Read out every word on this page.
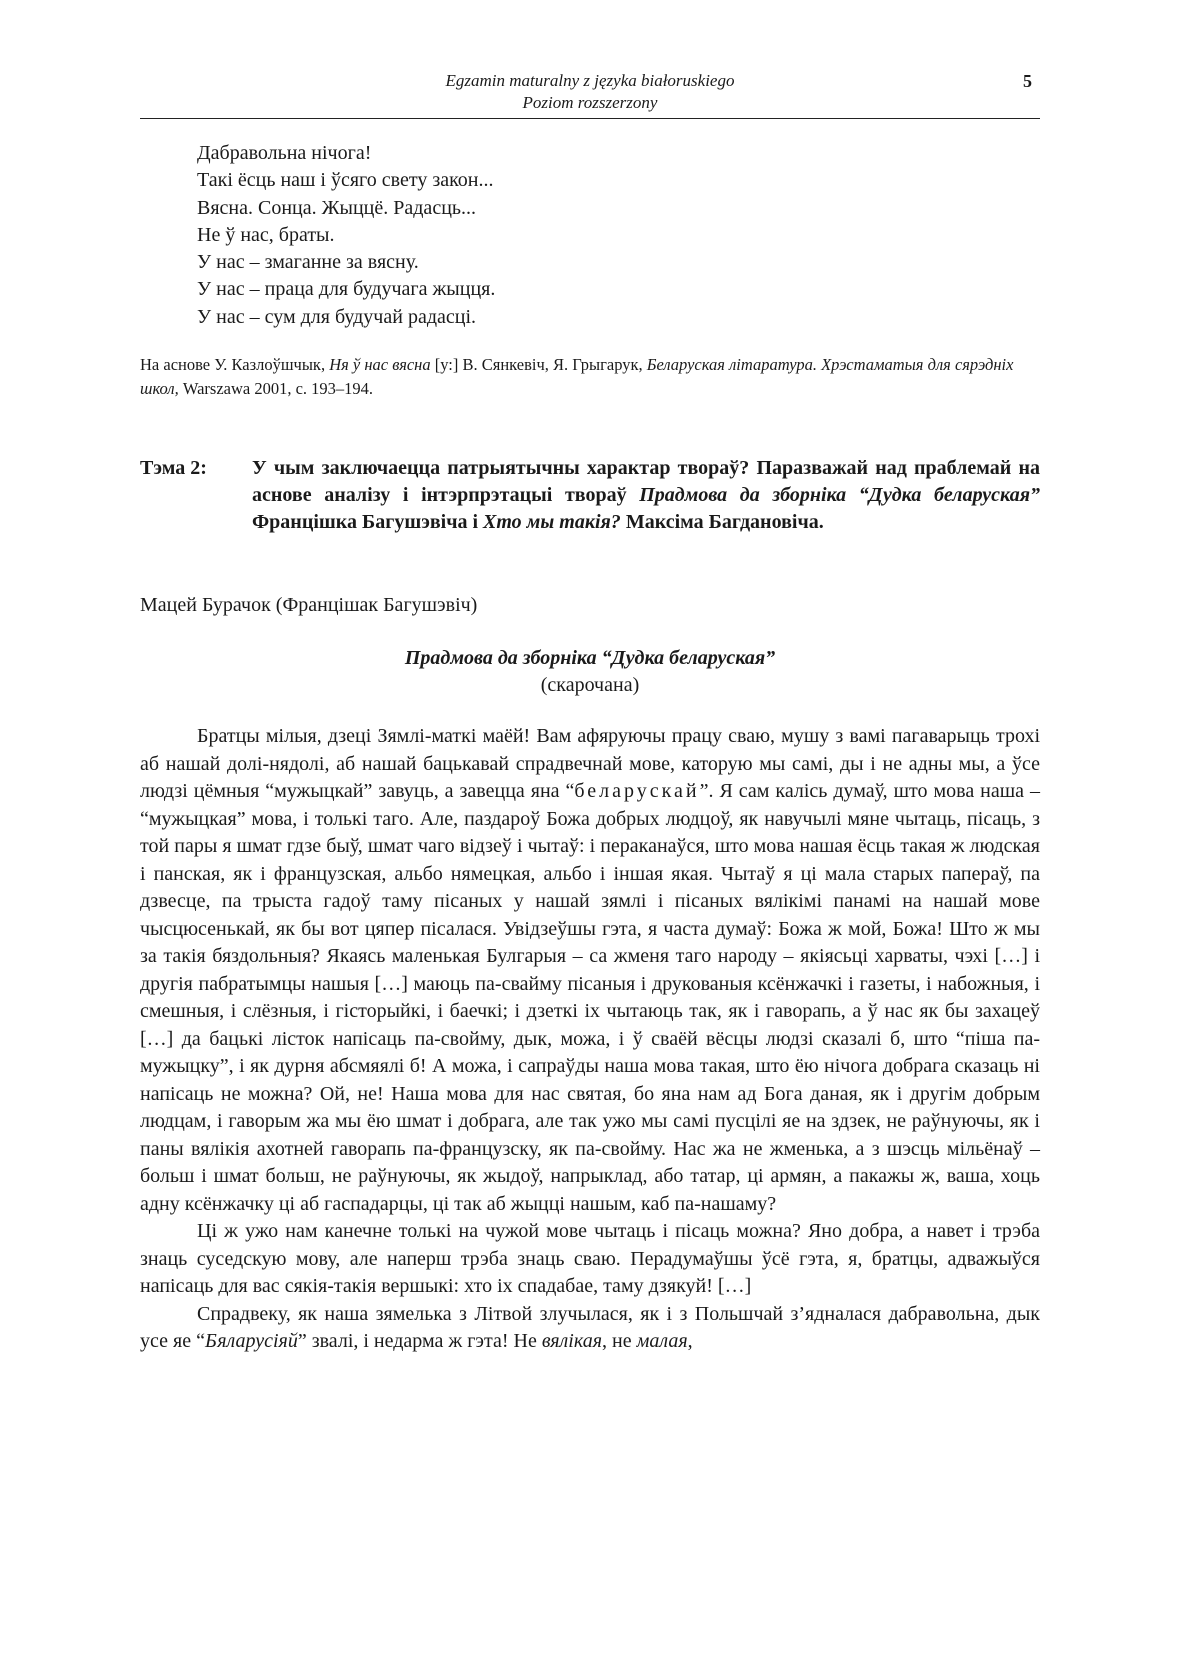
Egzamin maturalny z języka białoruskiego
Poziom rozszerzony
5
Дабравольна нічога!
Такі ёсць наш і ўсяго свету закон...
Вясна. Сонца. Жыццё. Радасць...
Не ў нас, браты.
У нас – змаганне за вясну.
У нас – праца для будучага жыцця.
У нас – сум для будучай радасці.
На аснове У. Казлоўшчык, Ня ў нас вясна [у:] В. Сянкевіч, Я. Грыгарук, Беларуская літаратура. Хрэстаматыя для сярэдніх школ, Warszawa 2001, с. 193–194.
Тэма 2: У чым заключаецца патрыятычны характар твораў? Паразважай над праблемай на аснове аналізу і інтэрпрэтацыі твораў Прадмова да зборніка “Дудка беларуская” Францішка Багушэвіча і Хто мы такія? Максіма Багдановіча.
Мацей Бурачок (Францішак Багушэвіч)
Прадмова да зборніка “Дудка беларуская”
(скарочана)

Братцы мілыя, дзеці Зямлі-маткі маёй! Вам афяруючы працу сваю, мушу з вамі пагаварыць трохі аб нашай долі-нядолі, аб нашай бацькавай спрадвечнай мове, каторую мы самі, ды і не адны мы, а ўсе людзі цёмныя “мужыцкай” завуць, а завецца яна “беларускай”. Я сам калісь думаў, што мова наша – “мужыцкая” мова, і толькі таго. Але, паздароў Божа добрых людцоў, як навучылі мяне чытаць, пісаць, з той пары я шмат гдзе быў, шмат чаго відзеў і чытаў: і пераканаўся, што мова нашая ёсць такая ж людская і панская, як і французская, альбо нямецкая, альбо і іншая якая. Чытаў я ці мала старых папераў, па дзвесце, па трыста гадоў таму пісаных у нашай зямлі і пісаных вялікімі панамі на нашай мове чысцюсенькай, як бы вот цяпер пісалася. Увідзеўшы гэта, я часта думаў: Божа ж мой, Божа! Што ж мы за такія бяздольныя? Якаясь маленькая Булгарыя – са жменя таго народу – якіясьці харваты, чэхі […] і другія пабратымцы нашыя […] маюць па-свайму пісаныя і друкованыя ксёнжачкі і газеты, і набожныя, і смешныя, і слёзныя, і гісторыйкі, і баечкі; і дзеткі іх чытаюць так, як і гаворапь, а ў нас як бы захацеў […] да бацькі лісток напісаць па-свойму, дык, можа, і ў сваёй вёсцы людзі сказалі б, што “піша па-мужыцку”, і як дурня абсмяялі б! А можа, і сапраўды наша мова такая, што ёю нічога добрага сказаць ні напісаць не можна? Ой, не! Наша мова для нас святая, бо яна нам ад Бога даная, як і другім добрым людцам, і гаворым жа мы ёю шмат і добрага, але так ужо мы самі пусцілі яе на здзек, не раўнуючы, як і паны вялікія ахотней гаворапь па-французску, як па-свойму. Нас жа не жменька, а з шэсць мільёнаў – больш і шмат больш, не раўнуючы, як жыдоў, напрыклад, або татар, ці армян, а пакажы ж, ваша, хоць адну ксёнжачку ці аб гаспадарцы, ці так аб жыцці нашым, каб па-нашаму?

Ці ж ужо нам канечне толькі на чужой мове чытаць і пісаць можна? Яно добра, а навет і трэба знаць суседскую мову, але наперш трэба знаць сваю. Перадумаўшы ўсё гэта, я, братцы, адважыўся напісаць для вас сякія-такія вершыкі: хто іх спадабае, таму дзякуй! […]

Спрадвеку, як наша зямелька з Літвой злучылася, як і з Польшчай з’ядналася дабравольна, дык усе яе “Бяларусіяй” звалі, і недарма ж гэта! Не вялікая, не малая,
